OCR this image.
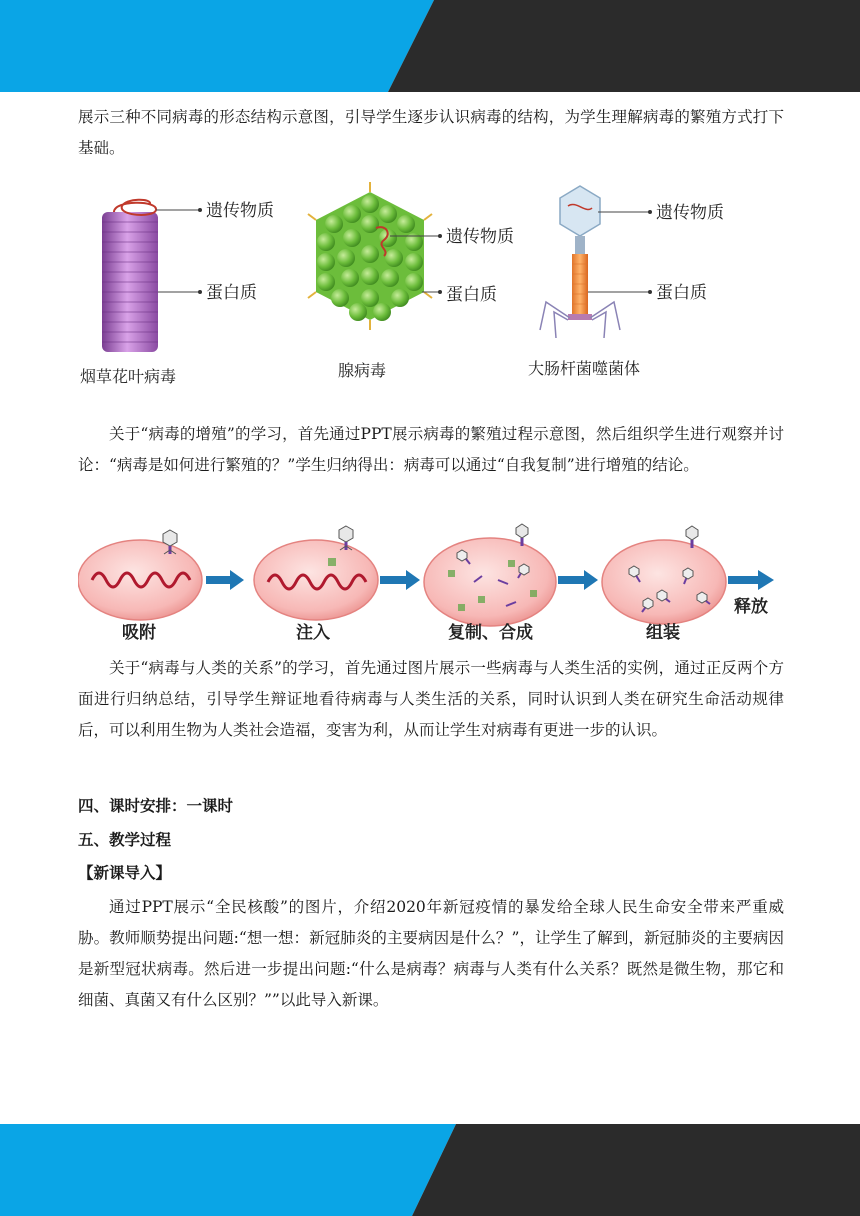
展示三种不同病毒的形态结构示意图，引导学生逐步认识病毒的结构，为学生理解病毒的繁殖方式打下基础。

遗传物质
蛋白质
烟草花叶病毒
遗传物质
蛋白质
腺病毒
遗传物质
蛋白质
大肠杆菌噬菌体

关于“病毒的增殖”的学习，首先通过PPT展示病毒的繁殖过程示意图，然后组织学生进行观察并讨论：“病毒是如何进行繁殖的？”学生归纳得出：病毒可以通过“自我复制”进行增殖的结论。

释放
吸附	注入	复制、合成	组装

关于“病毒与人类的关系”的学习，首先通过图片展示一些病毒与人类生活的实例，通过正反两个方面进行归纳总结，引导学生辩证地看待病毒与人类生活的关系，同时认识到人类在研究生命活动规律后，可以利用生物为人类社会造福，变害为利，从而让学生对病毒有更进一步的认识。

四、课时安排：一课时

五、教学过程

【新课导入】

通过PPT展示“全民核酸”的图片，介绍2020年新冠疫情的暴发给全球人民生命安全带来严重威胁。教师顺势提出问题:“想一想：新冠肺炎的主要病因是什么？”，让学生了解到，新冠肺炎的主要病因是新型冠状病毒。然后进一步提出问题:“什么是病毒？病毒与人类有什么关系？既然是微生物，那它和细菌、真菌又有什么区别？””以此导入新课。
